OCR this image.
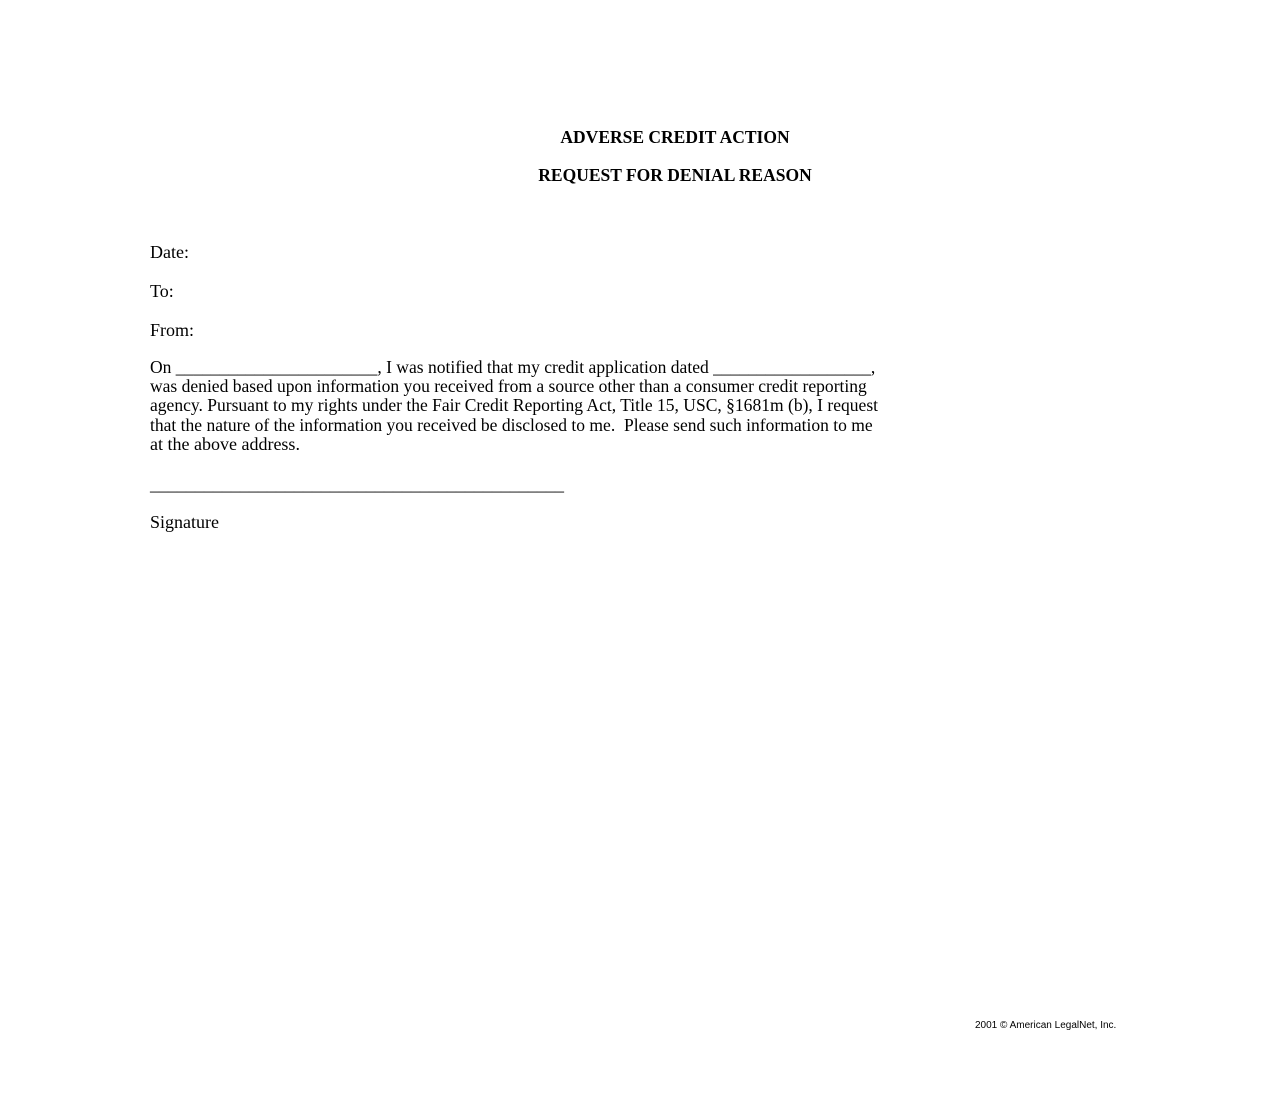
ADVERSE CREDIT ACTION
REQUEST FOR DENIAL REASON
Date:
To:
From:
On _______________________, I was notified that my credit application dated __________________,
was denied based upon information you received from a source other than a consumer credit reporting
agency. Pursuant to my rights under the Fair Credit Reporting Act, Title 15, USC, §1681m (b), I request
that the nature of the information you received be disclosed to me.  Please send such information to me
at the above address.
______________________________________________
Signature
2001 © American LegalNet, Inc.
